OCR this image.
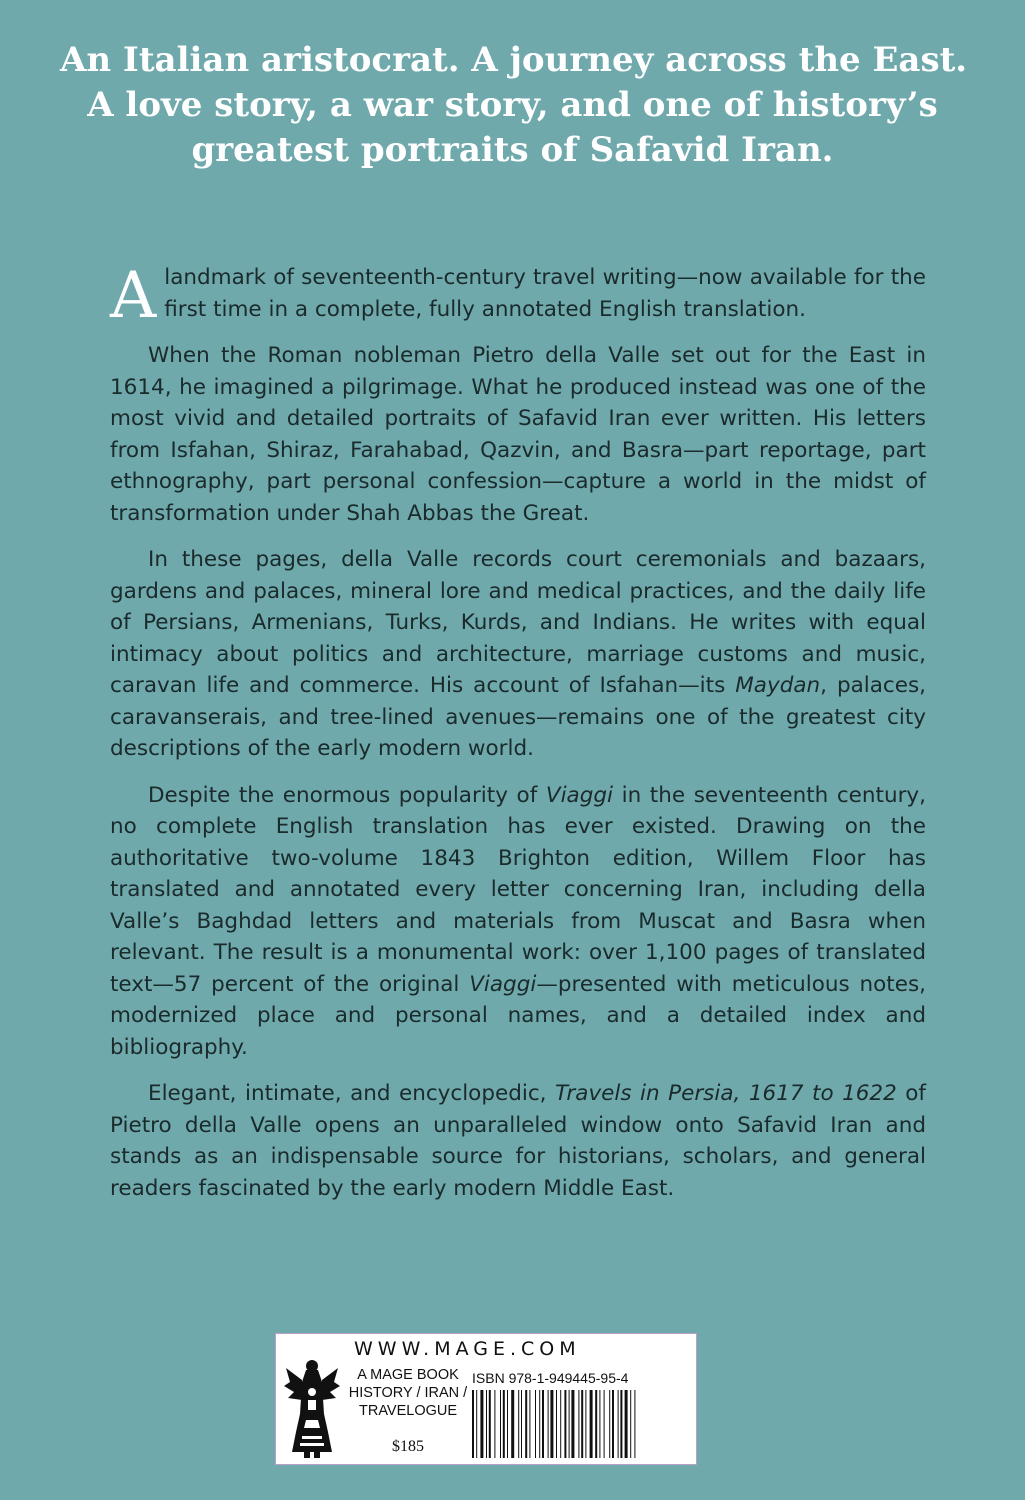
An Italian aristocrat. A journey across the East.
A love story, a war story, and one of history’s
greatest portraits of Safavid Iran.

Alandmark of seventeenth-century travel writing—now available for the first time in a complete, fully annotated English translation.

When the Roman nobleman Pietro della Valle set out for the East in 1614, he imagined a pilgrimage. What he produced instead was one of the most vivid and detailed portraits of Safavid Iran ever written. His letters from Isfahan, Shiraz, Farahabad, Qazvin, and Basra—part reportage, part ethnography, part personal confession—capture a world in the midst of transformation under Shah Abbas the Great.

In these pages, della Valle records court ceremonials and bazaars, gardens and palaces, mineral lore and medical practices, and the daily life of Persians, Armenians, Turks, Kurds, and Indians. He writes with equal intimacy about politics and architecture, marriage customs and music, caravan life and commerce. His account of Isfahan—its Maydan, palaces, caravanserais, and tree-lined avenues—remains one of the greatest city descriptions of the early modern world.

Despite the enormous popularity of Viaggi in the seventeenth century, no complete English translation has ever existed. Drawing on the authoritative two-volume 1843 Brighton edition, Willem Floor has translated and annotated every letter concerning Iran, including della Valle’s Baghdad letters and materials from Muscat and Basra when relevant. The result is a monumental work: over 1,100 pages of translated text—57 percent of the original Viaggi—presented with meticulous notes, modernized place and personal names, and a detailed index and bibliography.

Elegant, intimate, and encyclopedic, Travels in Persia, 1617 to 1622 of Pietro della Valle opens an unparalleled window onto Safavid Iran and stands as an indispensable source for historians, scholars, and general readers fascinated by the early modern Middle East.

WWW.MAGE.COM
A MAGE BOOK
HISTORY / IRAN /
TRAVELOGUE
$185
ISBN 978-1-949445-95-4
